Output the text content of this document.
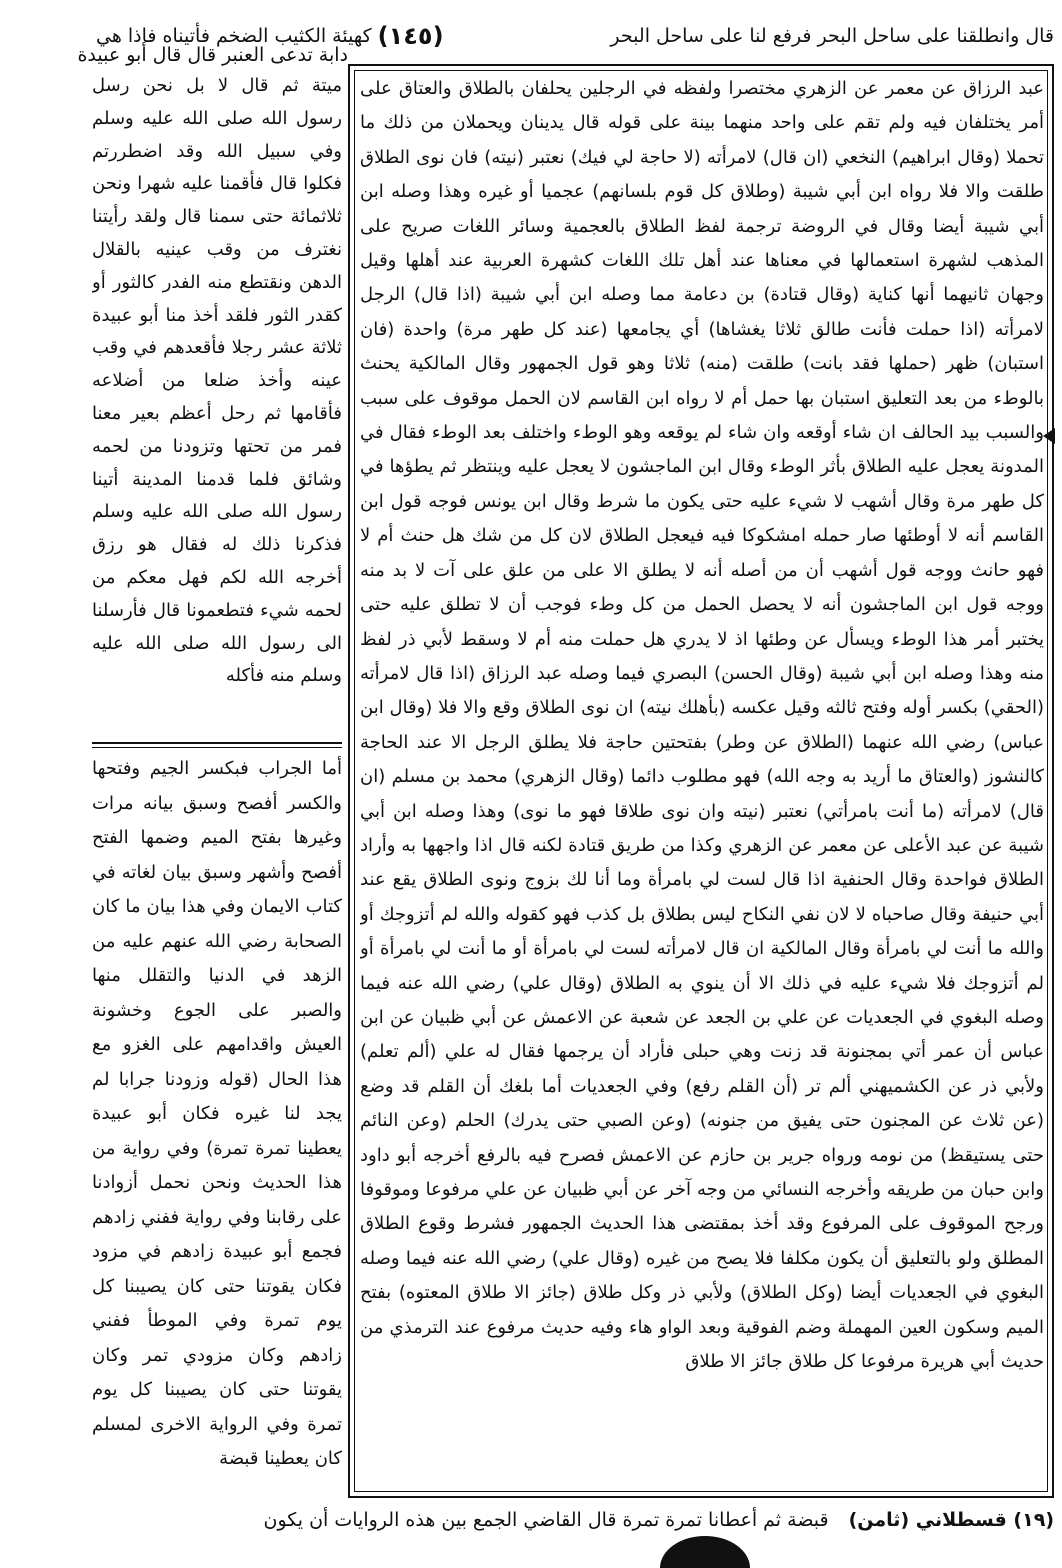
قال وانطلقنا على ساحل البحر فرفع لنا على ساحل البحر
(١٤٥)
كهيئة الكثيب الضخم فأتيناه فاذا هي
دابة تدعى العنبر قال قال أبو عبيدة
ميتة ثم قال لا بل نحن رسل رسول الله صلى الله عليه وسلم وفي سبيل الله وقد اضطررتم فكلوا قال فأقمنا عليه شهرا ونحن ثلاثمائة حتى سمنا قال ولقد رأيتنا نغترف من وقب عينيه بالقلال الدهن ونقتطع منه الفدر كالثور أو كقدر الثور فلقد أخذ منا أبو عبيدة ثلاثة عشر رجلا فأقعدهم في وقب عينه وأخذ ضلعا من أضلاعه فأقامها ثم رحل أعظم بعير معنا فمر من تحتها وتزودنا من لحمه وشائق فلما قدمنا المدينة أتينا رسول الله صلى الله عليه وسلم فذكرنا ذلك له فقال هو رزق أخرجه الله لكم فهل معكم من لحمه شيء فتطعمونا قال فأرسلنا الى رسول الله صلى الله عليه وسلم منه فأكله
أما الجراب فبكسر الجيم وفتحها والكسر أفصح وسبق بيانه مرات وغيرها بفتح الميم وضمها الفتح أفصح وأشهر وسبق بيان لغاته في كتاب الايمان وفي هذا بيان ما كان الصحابة رضي الله عنهم عليه من الزهد في الدنيا والتقلل منها والصبر على الجوع وخشونة العيش واقدامهم على الغزو مع هذا الحال (قوله وزودنا جرابا لم يجد لنا غيره فكان أبو عبيدة يعطينا تمرة تمرة) وفي رواية من هذا الحديث ونحن نحمل أزوادنا على رقابنا وفي رواية ففني زادهم فجمع أبو عبيدة زادهم في مزود فكان يقوتنا حتى كان يصيبنا كل يوم تمرة وفي الموطأ ففني زادهم وكان مزودي تمر وكان يقوتنا حتى كان يصيبنا كل يوم تمرة وفي الرواية الاخرى لمسلم كان يعطينا قبضة

عبد الرزاق عن معمر عن الزهري مختصرا ولفظه في الرجلين يحلفان بالطلاق والعتاق على أمر يختلفان فيه ولم تقم على واحد منهما بينة على قوله قال يدينان ويحملان من ذلك ما تحملا (وقال ابراهيم) النخعي (ان قال) لامرأته (لا حاجة لي فيك) نعتبر (نيته) فان نوى الطلاق طلقت والا فلا رواه ابن أبي شيبة (وطلاق كل قوم بلسانهم) عجميا أو غيره وهذا وصله ابن أبي شيبة أيضا وقال في الروضة ترجمة لفظ الطلاق بالعجمية وسائر اللغات صريح على المذهب لشهرة استعمالها في معناها عند أهل تلك اللغات كشهرة العربية عند أهلها وقيل وجهان ثانيهما أنها كناية (وقال قتادة) بن دعامة مما وصله ابن أبي شيبة (اذا قال) الرجل لامرأته (اذا حملت فأنت طالق ثلاثا يغشاها) أي يجامعها (عند كل طهر مرة) واحدة (فان استبان) ظهر (حملها فقد بانت) طلقت (منه) ثلاثا وهو قول الجمهور وقال المالكية يحنث بالوطء من بعد التعليق استبان بها حمل أم لا رواه ابن القاسم لان الحمل موقوف على سبب والسبب بيد الحالف ان شاء أوقعه وان شاء لم يوقعه وهو الوطء واختلف بعد الوطء فقال في المدونة يعجل عليه الطلاق بأثر الوطء وقال ابن الماجشون لا يعجل عليه وينتظر ثم يطؤها في كل طهر مرة وقال أشهب لا شيء عليه حتى يكون ما شرط وقال ابن يونس فوجه قول ابن القاسم أنه لا أوطئها صار حمله امشكوكا فيه فيعجل الطلاق لان كل من شك هل حنث أم لا فهو حانث ووجه قول أشهب أن من أصله أنه لا يطلق الا على من علق على آت لا بد منه ووجه قول ابن الماجشون أنه لا يحصل الحمل من كل وطء فوجب أن لا تطلق عليه حتى يختبر أمر هذا الوطء ويسأل عن وطئها اذ لا يدري هل حملت منه أم لا وسقط لأبي ذر لفظ منه وهذا وصله ابن أبي شيبة (وقال الحسن) البصري فيما وصله عبد الرزاق (اذا قال لامرأته (الحقي) بكسر أوله وفتح ثالثه وقيل عكسه (بأهلك نيته) ان نوى الطلاق وقع والا فلا (وقال ابن عباس) رضي الله عنهما (الطلاق عن وطر) بفتحتين حاجة فلا يطلق الرجل الا عند الحاجة كالنشوز (والعتاق ما أريد به وجه الله) فهو مطلوب دائما (وقال الزهري) محمد بن مسلم (ان قال) لامرأته (ما أنت بامرأتي) نعتبر (نيته وان نوى طلاقا فهو ما نوى) وهذا وصله ابن أبي شيبة عن عبد الأعلى عن معمر عن الزهري وكذا من طريق قتادة لكنه قال اذا واجهها به وأراد الطلاق فواحدة وقال الحنفية اذا قال لست لي بامرأة وما أنا لك بزوج ونوى الطلاق يقع عند أبي حنيفة وقال صاحباه لا لان نفي النكاح ليس بطلاق بل كذب فهو كقوله والله لم أتزوجك أو والله ما أنت لي بامرأة وقال المالكية ان قال لامرأته لست لي بامرأة أو ما أنت لي بامرأة أو لم أتزوجك فلا شيء عليه في ذلك الا أن ينوي به الطلاق (وقال علي) رضي الله عنه فيما وصله البغوي في الجعديات عن علي بن الجعد عن شعبة عن الاعمش عن أبي ظبيان عن ابن عباس أن عمر أتي بمجنونة قد زنت وهي حبلى فأراد أن يرجمها فقال له علي (ألم تعلم) ولأبي ذر عن الكشميهني ألم تر (أن القلم رفع) وفي الجعديات أما بلغك أن القلم قد وضع (عن ثلاث عن المجنون حتى يفيق من جنونه) (وعن الصبي حتى يدرك) الحلم (وعن النائم حتى يستيقظ) من نومه ورواه جرير بن حازم عن الاعمش فصرح فيه بالرفع أخرجه أبو داود وابن حبان من طريقه وأخرجه النسائي من وجه آخر عن أبي ظبيان عن علي مرفوعا وموقوفا ورجح الموقوف على المرفوع وقد أخذ بمقتضى هذا الحديث الجمهور فشرط وقوع الطلاق المطلق ولو بالتعليق أن يكون مكلفا فلا يصح من غيره (وقال علي) رضي الله عنه فيما وصله البغوي في الجعديات أيضا (وكل الطلاق) ولأبي ذر وكل طلاق (جائز الا طلاق المعتوه) بفتح الميم وسكون العين المهملة وضم الفوقية وبعد الواو هاء وفيه حديث مرفوع عند الترمذي من حديث أبي هريرة مرفوعا كل طلاق جائز الا طلاق

(١٩) قسطلاني (ثامن)
قبضة ثم أعطانا تمرة تمرة قال القاضي الجمع بين هذه الروايات أن يكون
